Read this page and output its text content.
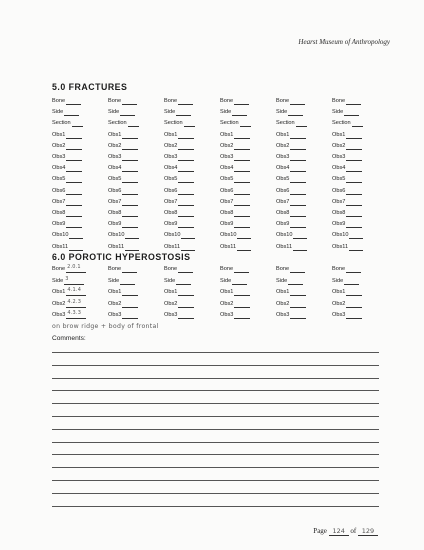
Hearst Museum of Anthropology
5.0 FRACTURES
Bone
Side
Section
Obs1
Obs2
Obs3
Obs4
Obs5
Obs6
Obs7
Obs8
Obs9
Obs10
Obs11
Bone
Side
Section
Obs1
Obs2
Obs3
Obs4
Obs5
Obs6
Obs7
Obs8
Obs9
Obs10
Obs11
Bone
Side
Section
Obs1
Obs2
Obs3
Obs4
Obs5
Obs6
Obs7
Obs8
Obs9
Obs10
Obs11
Bone
Side
Section
Obs1
Obs2
Obs3
Obs4
Obs5
Obs6
Obs7
Obs8
Obs9
Obs10
Obs11
Bone
Side
Section
Obs1
Obs2
Obs3
Obs4
Obs5
Obs6
Obs7
Obs8
Obs9
Obs10
Obs11
Bone
Side
Section
Obs1
Obs2
Obs3
Obs4
Obs5
Obs6
Obs7
Obs8
Obs9
Obs10
Obs11
6.0 POROTIC HYPEROSTOSIS
Bone 2.0.1
Side 3
Obs1 4.1.4
Obs2 4.2.3
Obs3 4.3.3
Bone
Side
Obs1
Obs2
Obs3
Bone
Side
Obs1
Obs2
Obs3
Bone
Side
Obs1
Obs2
Obs3
Bone
Side
Obs1
Obs2
Obs3
Bone
Side
Obs1
Obs2
Obs3
on brow ridge + body of frontal
Comments:
Page 124 of 129
